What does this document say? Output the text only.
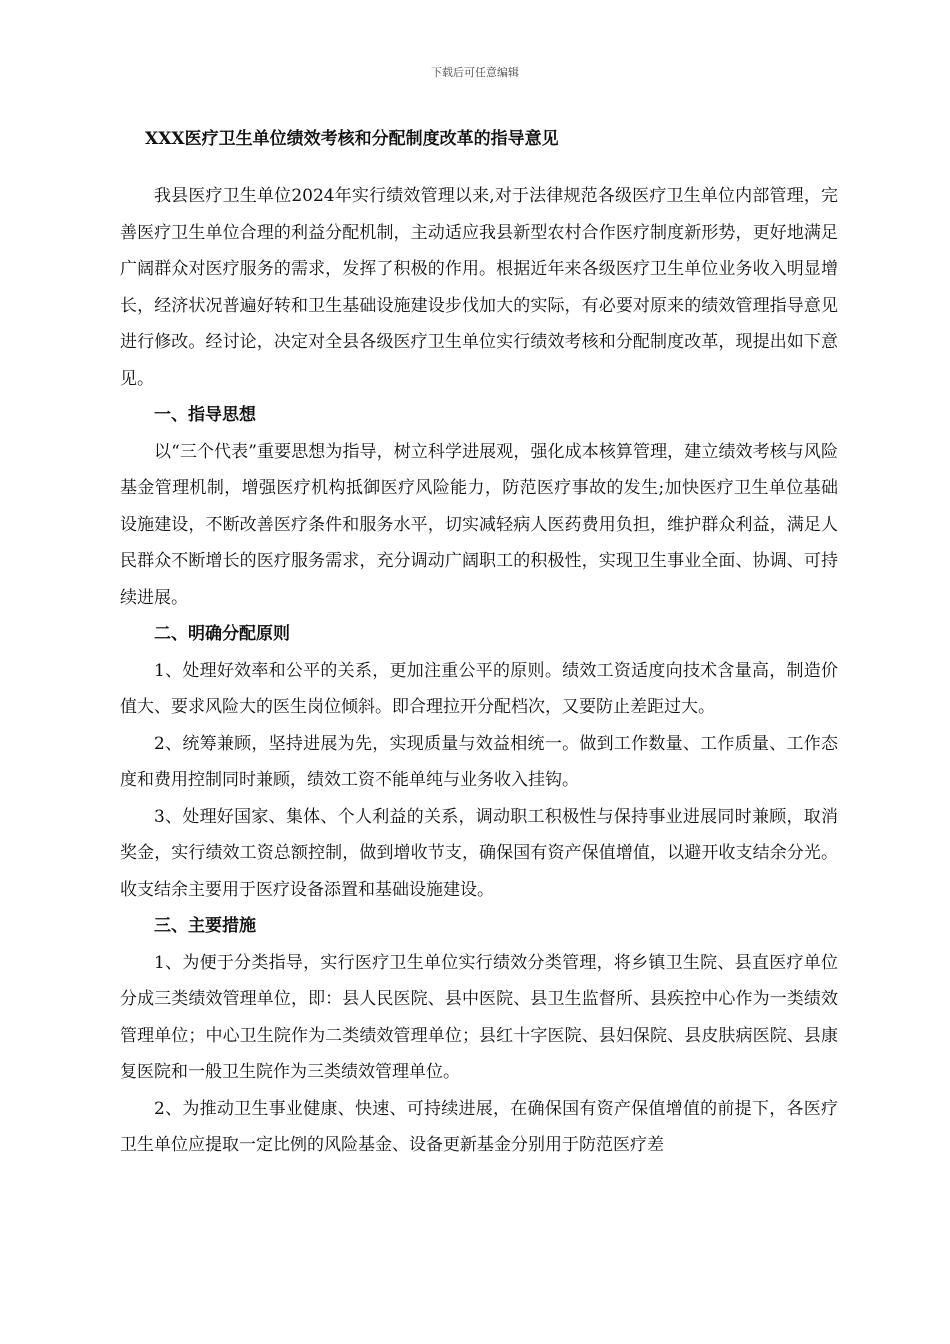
下载后可任意编辑
XXX医疗卫生单位绩效考核和分配制度改革的指导意见

我县医疗卫生单位2024年实行绩效管理以来,对于法律规范各级医疗卫生单位内部管理，完善医疗卫生单位合理的利益分配机制，主动适应我县新型农村合作医疗制度新形势，更好地满足广阔群众对医疗服务的需求，发挥了积极的作用。根据近年来各级医疗卫生单位业务收入明显增长，经济状况普遍好转和卫生基础设施建设步伐加大的实际，有必要对原来的绩效管理指导意见进行修改。经讨论，决定对全县各级医疗卫生单位实行绩效考核和分配制度改革，现提出如下意见。

一、指导思想

以“三个代表”重要思想为指导，树立科学进展观，强化成本核算管理，建立绩效考核与风险基金管理机制，增强医疗机构抵御医疗风险能力，防范医疗事故的发生;加快医疗卫生单位基础设施建设，不断改善医疗条件和服务水平，切实减轻病人医药费用负担，维护群众利益，满足人民群众不断增长的医疗服务需求，充分调动广阔职工的积极性，实现卫生事业全面、协调、可持续进展。

二、明确分配原则

1、处理好效率和公平的关系，更加注重公平的原则。绩效工资适度向技术含量高，制造价值大、要求风险大的医生岗位倾斜。即合理拉开分配档次，又要防止差距过大。

2、统筹兼顾，坚持进展为先，实现质量与效益相统一。做到工作数量、工作质量、工作态度和费用控制同时兼顾，绩效工资不能单纯与业务收入挂钩。

3、处理好国家、集体、个人利益的关系，调动职工积极性与保持事业进展同时兼顾，取消奖金，实行绩效工资总额控制，做到增收节支，确保国有资产保值增值，以避开收支结余分光。收支结余主要用于医疗设备添置和基础设施建设。

三、主要措施

1、为便于分类指导，实行医疗卫生单位实行绩效分类管理，将乡镇卫生院、县直医疗单位分成三类绩效管理单位，即：县人民医院、县中医院、县卫生监督所、县疾控中心作为一类绩效管理单位；中心卫生院作为二类绩效管理单位；县红十字医院、县妇保院、县皮肤病医院、县康复医院和一般卫生院作为三类绩效管理单位。

2、为推动卫生事业健康、快速、可持续进展，在确保国有资产保值增值的前提下，各医疗卫生单位应提取一定比例的风险基金、设备更新基金分别用于防范医疗差
